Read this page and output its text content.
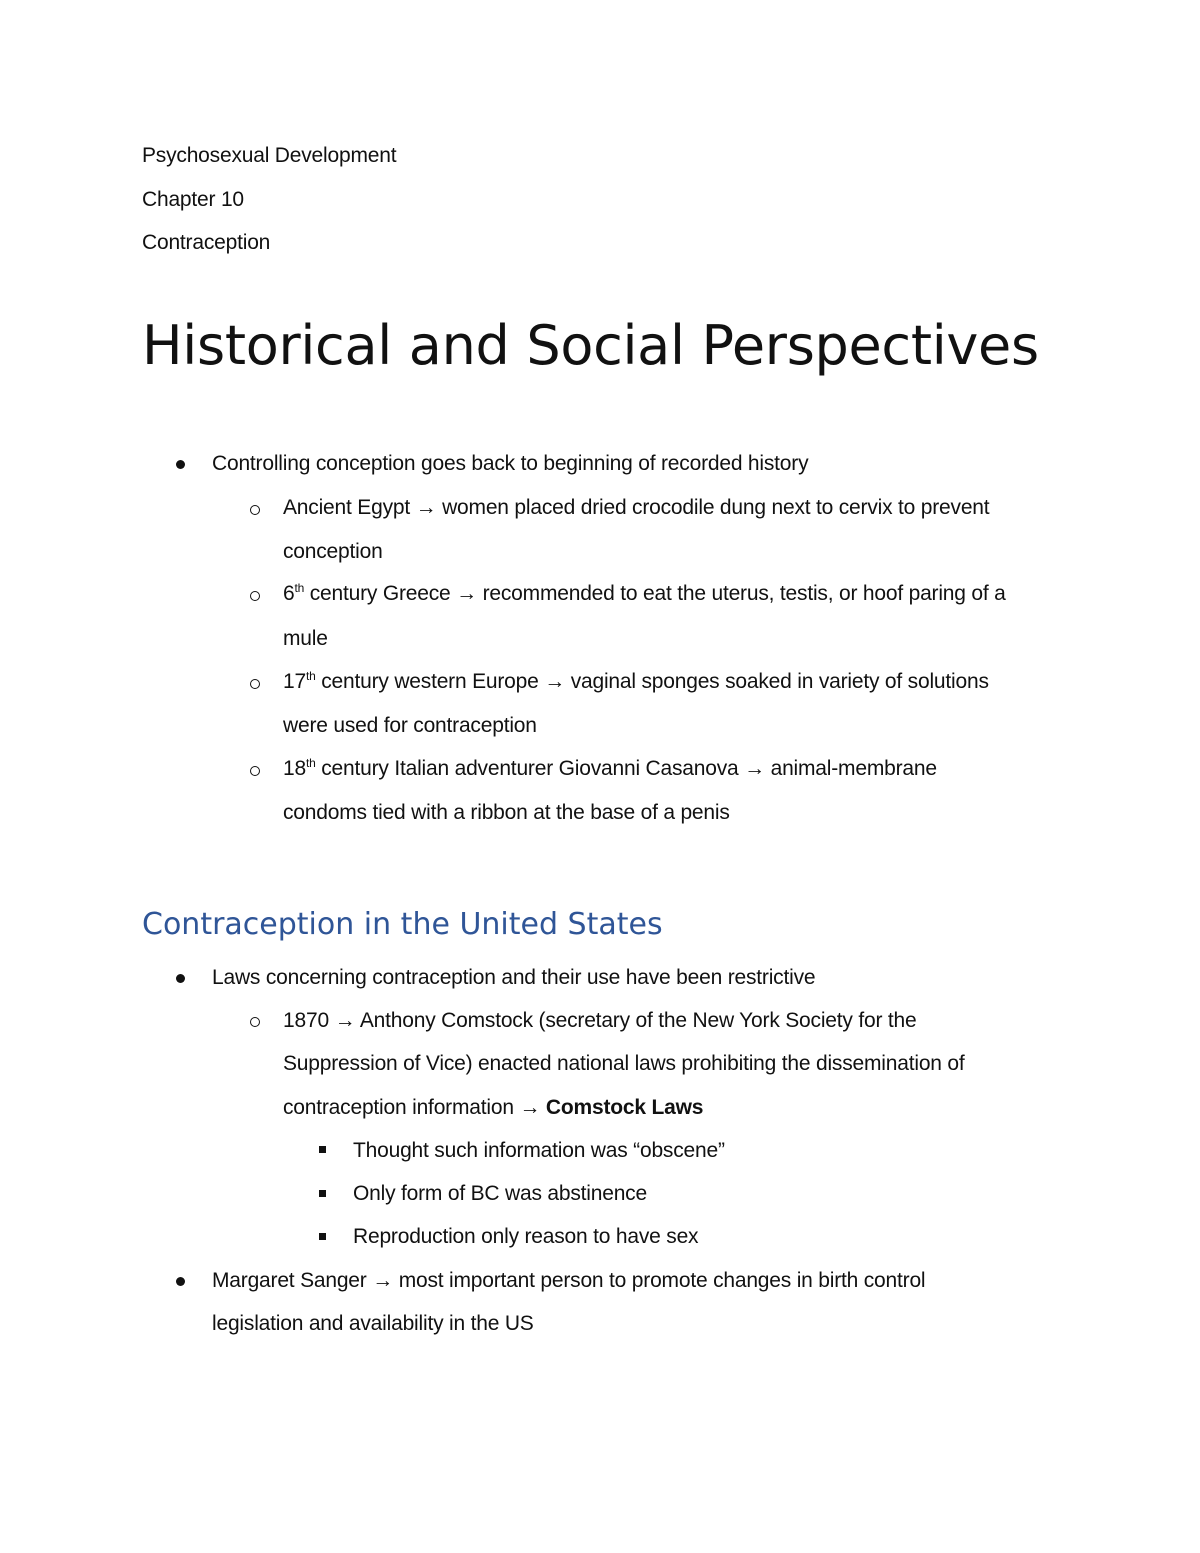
Psychosexual Development
Chapter 10
Contraception
Historical and Social Perspectives
Controlling conception goes back to beginning of recorded history
Ancient Egypt → women placed dried crocodile dung next to cervix to prevent
conception
6th century Greece → recommended to eat the uterus, testis, or hoof paring of a
mule
17th century western Europe → vaginal sponges soaked in variety of solutions
were used for contraception
18th century Italian adventurer Giovanni Casanova → animal-membrane
condoms tied with a ribbon at the base of a penis
Contraception in the United States
Laws concerning contraception and their use have been restrictive
1870 → Anthony Comstock (secretary of the New York Society for the
Suppression of Vice) enacted national laws prohibiting the dissemination of
contraception information → Comstock Laws
Thought such information was “obscene”
Only form of BC was abstinence
Reproduction only reason to have sex
Margaret Sanger → most important person to promote changes in birth control
legislation and availability in the US
